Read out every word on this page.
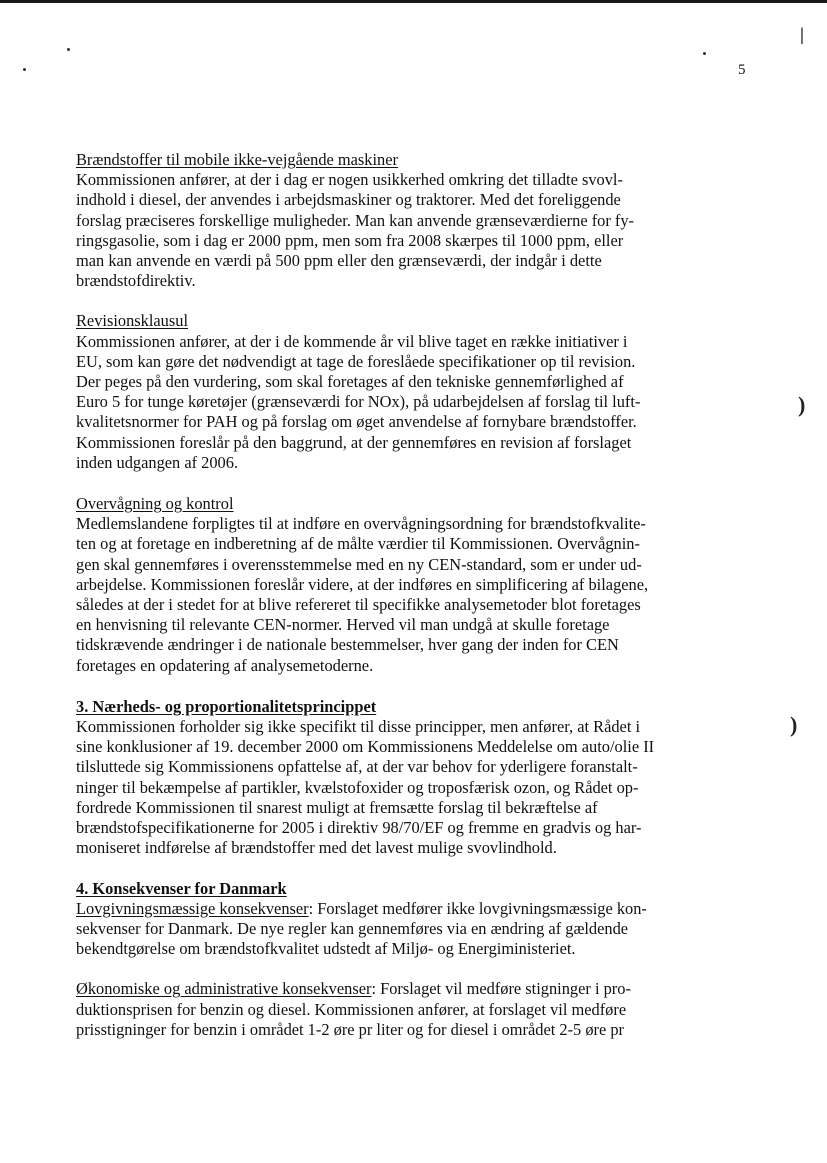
|
)
)
5
Brændstoffer til mobile ikke-vejgående maskiner
Kommissionen anfører, at der i dag er nogen usikkerhed omkring det tilladte svovl-
indhold i diesel, der anvendes i arbejdsmaskiner og traktorer. Med det foreliggende
forslag præciseres forskellige muligheder. Man kan anvende grænseværdierne for fy-
ringsgasolie, som i dag er 2000 ppm, men som fra 2008 skærpes til 1000 ppm, eller
man kan anvende en værdi på 500 ppm eller den grænseværdi, der indgår i dette
brændstofdirektiv.
Revisionsklausul
Kommissionen anfører, at der i de kommende år vil blive taget en række initiativer i
EU, som kan gøre det nødvendigt at tage de foreslåede specifikationer op til revision.
Der peges på den vurdering, som skal foretages af den tekniske gennemførlighed af
Euro 5 for tunge køretøjer (grænseværdi for NOx), på udarbejdelsen af forslag til luft-
kvalitetsnormer for PAH og på forslag om øget anvendelse af fornybare brændstoffer.
Kommissionen foreslår på den baggrund, at der gennemføres en revision af forslaget
inden udgangen af 2006.
Overvågning og kontrol
Medlemslandene forpligtes til at indføre en overvågningsordning for brændstofkvalite-
ten og at foretage en indberetning af de målte værdier til Kommissionen. Overvågnin-
gen skal gennemføres i overensstemmelse med en ny CEN-standard, som er under ud-
arbejdelse. Kommissionen foreslår videre, at der indføres en simplificering af bilagene,
således at der i stedet for at blive refereret til specifikke analysemetoder blot foretages
en henvisning til relevante CEN-normer. Herved vil man undgå at skulle foretage
tidskrævende ændringer i de nationale bestemmelser, hver gang der inden for CEN
foretages en opdatering af analysemetoderne.
3. Nærheds- og proportionalitetsprincippet
Kommissionen forholder sig ikke specifikt til disse principper, men anfører, at Rådet i
sine konklusioner af 19. december 2000 om Kommissionens Meddelelse om auto/olie II
tilsluttede sig Kommissionens opfattelse af, at der var behov for yderligere foranstalt-
ninger til bekæmpelse af partikler, kvælstofoxider og troposfærisk ozon, og Rådet op-
fordrede Kommissionen til snarest muligt at fremsætte forslag til bekræftelse af
brændstofspecifikationerne for 2005 i direktiv 98/70/EF og fremme en gradvis og har-
moniseret indførelse af brændstoffer med det lavest mulige svovlindhold.
4. Konsekvenser for Danmark
Lovgivningsmæssige konsekvenser: Forslaget medfører ikke lovgivningsmæssige kon-
sekvenser for Danmark. De nye regler kan gennemføres via en ændring af gældende
bekendtgørelse om brændstofkvalitet udstedt af Miljø- og Energiministeriet.
Økonomiske og administrative konsekvenser: Forslaget vil medføre stigninger i pro-
duktionsprisen for benzin og diesel. Kommissionen anfører, at forslaget vil medføre
prisstigninger for benzin i området 1-2 øre pr liter og for diesel i området 2-5 øre pr
